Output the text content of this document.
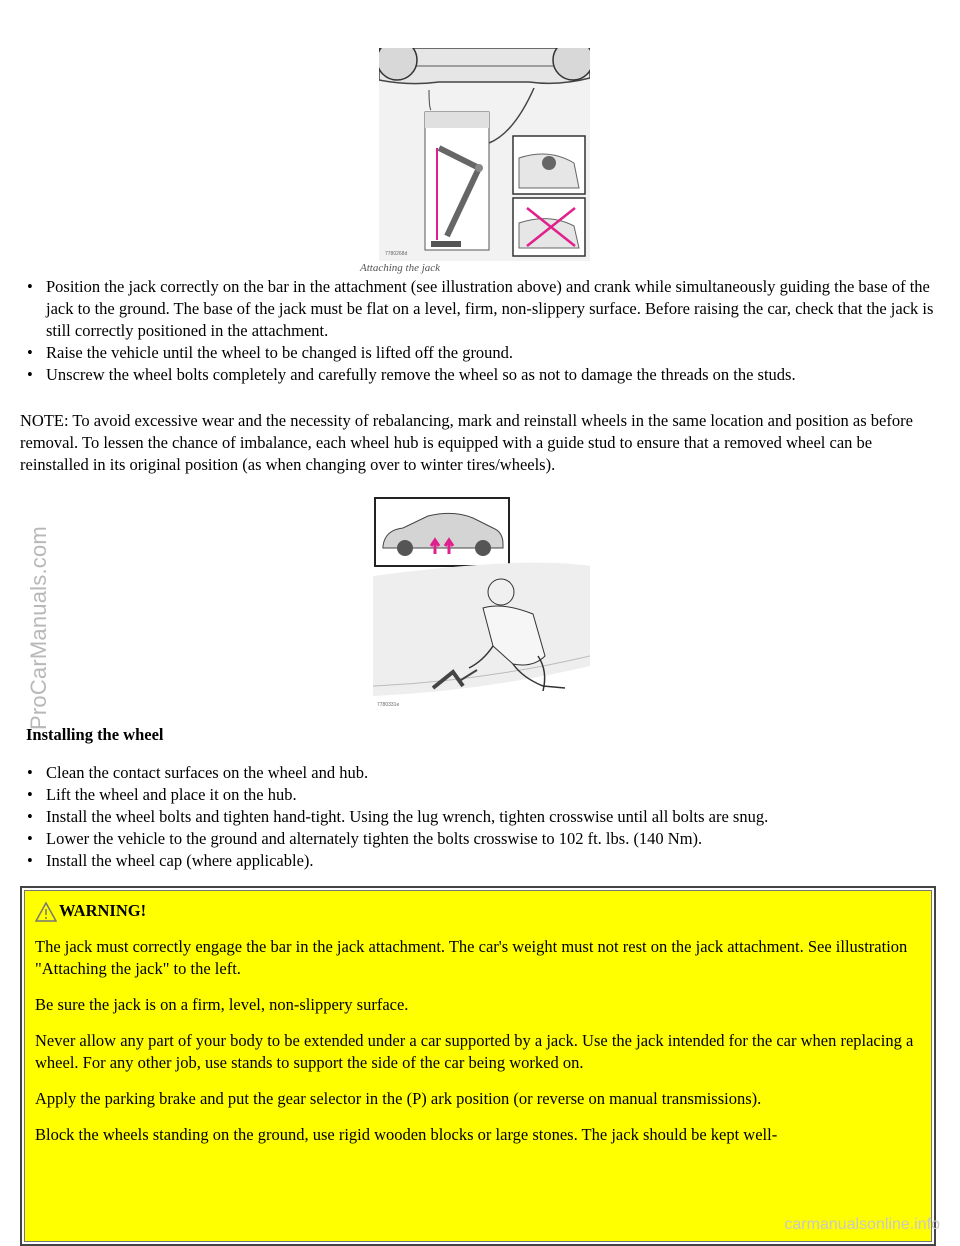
ProCarManuals.com
7780268d
Attaching the jack
• Position the jack correctly on the bar in the attachment (see illustration above) and crank while simultaneously guiding the base of the jack to the ground. The base of the jack must be flat on a level, firm, non-slippery surface. Before raising the car, check that the jack is still correctly positioned in the attachment.
• Raise the vehicle until the wheel to be changed is lifted off the ground.
• Unscrew the wheel bolts completely and carefully remove the wheel so as not to damage the threads on the studs.
NOTE: To avoid excessive wear and the necessity of rebalancing, mark and reinstall wheels in the same location and position as before removal. To lessen the chance of imbalance, each wheel hub is equipped with a guide stud to ensure that a removed wheel can be reinstalled in its original position (as when changing over to winter tires/wheels).
7780331e
Installing the wheel
• Clean the contact surfaces on the wheel and hub.
• Lift the wheel and place it on the hub.
• Install the wheel bolts and tighten hand-tight. Using the lug wrench, tighten crosswise until all bolts are snug.
• Lower the vehicle to the ground and alternately tighten the bolts crosswise to 102 ft. lbs. (140 Nm).
• Install the wheel cap (where applicable).
WARNING!

The jack must correctly engage the bar in the jack attachment. The car's weight must not rest on the jack attachment. See illustration "Attaching the jack" to the left.

Be sure the jack is on a firm, level, non-slippery surface.

Never allow any part of your body to be extended under a car supported by a jack. Use the jack intended for the car when replacing a wheel. For any other job, use stands to support the side of the car being worked on.

Apply the parking brake and put the gear selector in the (P) ark position (or reverse on manual transmissions).

Block the wheels standing on the ground, use rigid wooden blocks or large stones. The jack should be kept well-

carmanualsonline.info
